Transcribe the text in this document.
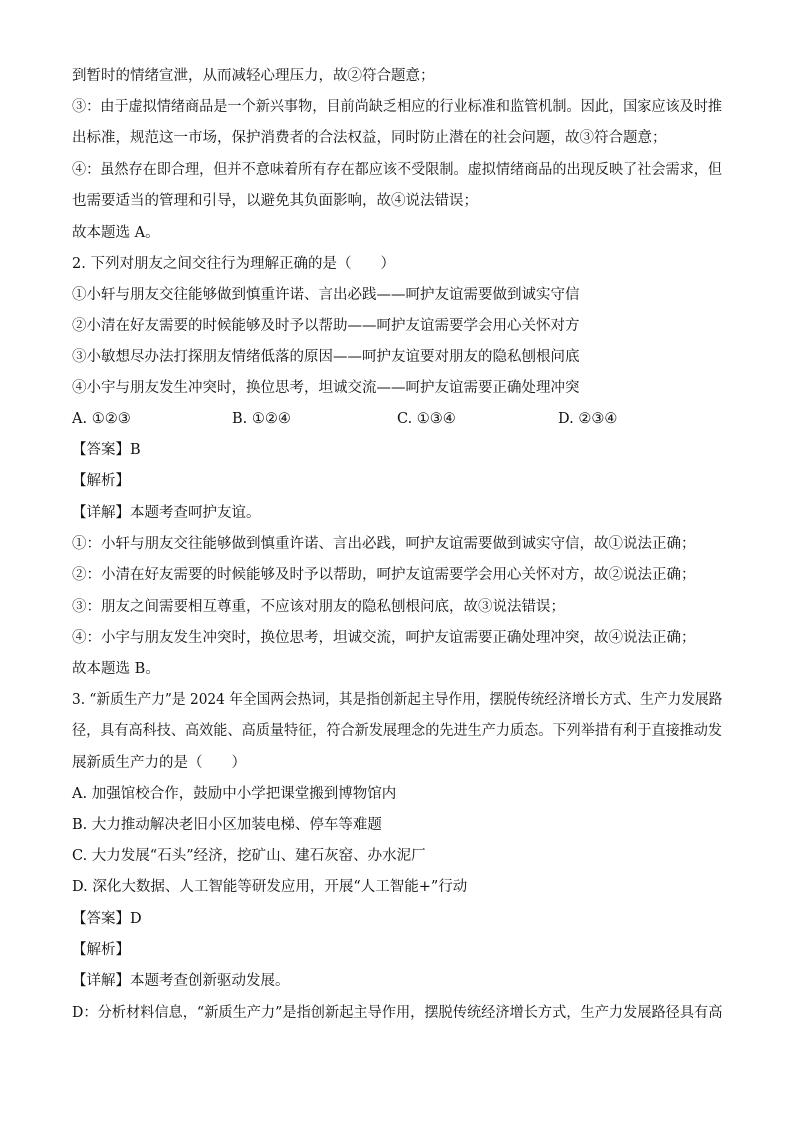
到暂时的情绪宣泄，从而减轻心理压力，故②符合题意；
③：由于虚拟情绪商品是一个新兴事物，目前尚缺乏相应的行业标准和监管机制。因此，国家应该及时推
出标准，规范这一市场，保护消费者的合法权益，同时防止潜在的社会问题，故③符合题意；
④：虽然存在即合理，但并不意味着所有存在都应该不受限制。虚拟情绪商品的出现反映了社会需求，但
也需要适当的管理和引导，以避免其负面影响，故④说法错误；
故本题选 A。
2. 下列对朋友之间交往行为理解正确的是（　　）
①小轩与朋友交往能够做到慎重许诺、言出必践——呵护友谊需要做到诚实守信
②小清在好友需要的时候能够及时予以帮助——呵护友谊需要学会用心关怀对方
③小敏想尽办法打探朋友情绪低落的原因——呵护友谊要对朋友的隐私刨根问底
④小宇与朋友发生冲突时，换位思考，坦诚交流——呵护友谊需要正确处理冲突
A. ①②③	B. ①②④	C. ①③④	D. ②③④
【答案】B
【解析】
【详解】本题考查呵护友谊。
①：小轩与朋友交往能够做到慎重许诺、言出必践，呵护友谊需要做到诚实守信，故①说法正确；
②：小清在好友需要的时候能够及时予以帮助，呵护友谊需要学会用心关怀对方，故②说法正确；
③：朋友之间需要相互尊重，不应该对朋友的隐私刨根问底，故③说法错误；
④：小宇与朋友发生冲突时，换位思考，坦诚交流，呵护友谊需要正确处理冲突，故④说法正确；
故本题选 B。
3. “新质生产力”是 2024 年全国两会热词，其是指创新起主导作用，摆脱传统经济增长方式、生产力发展路
径，具有高科技、高效能、高质量特征，符合新发展理念的先进生产力质态。下列举措有利于直接推动发
展新质生产力的是（　　）
A. 加强馆校合作，鼓励中小学把课堂搬到博物馆内
B. 大力推动解决老旧小区加装电梯、停车等难题
C. 大力发展“石头”经济，挖矿山、建石灰窑、办水泥厂
D. 深化大数据、人工智能等研发应用，开展“人工智能+”行动
【答案】D
【解析】
【详解】本题考查创新驱动发展。
D：分析材料信息，“新质生产力”是指创新起主导作用，摆脱传统经济增长方式，生产力发展路径具有高
